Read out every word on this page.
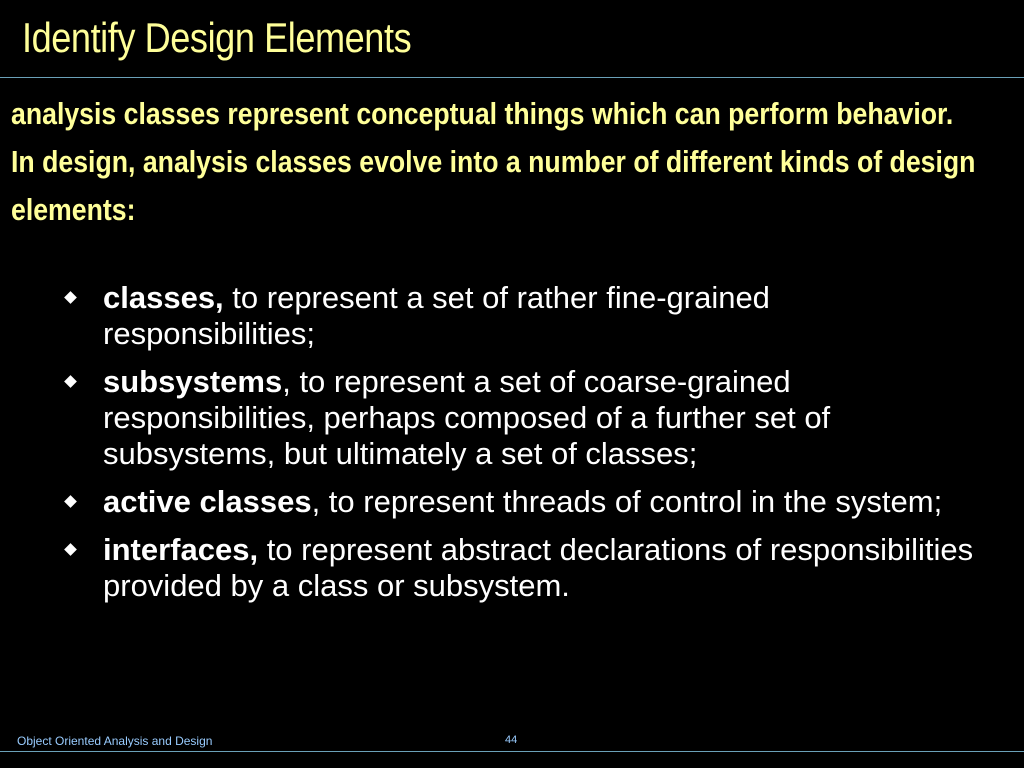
Identify Design Elements

analysis classes represent conceptual things which can perform behavior.

In design, analysis classes evolve into a number of different kinds of design elements:

classes, to represent a set of rather fine-grained responsibilities;
subsystems, to represent a set of coarse-grained responsibilities, perhaps composed of a further set of subsystems, but ultimately a set of classes;
active classes, to represent threads of control in the system;
interfaces, to represent abstract declarations of responsibilities provided by a class or subsystem.
Object Oriented Analysis and Design	44
